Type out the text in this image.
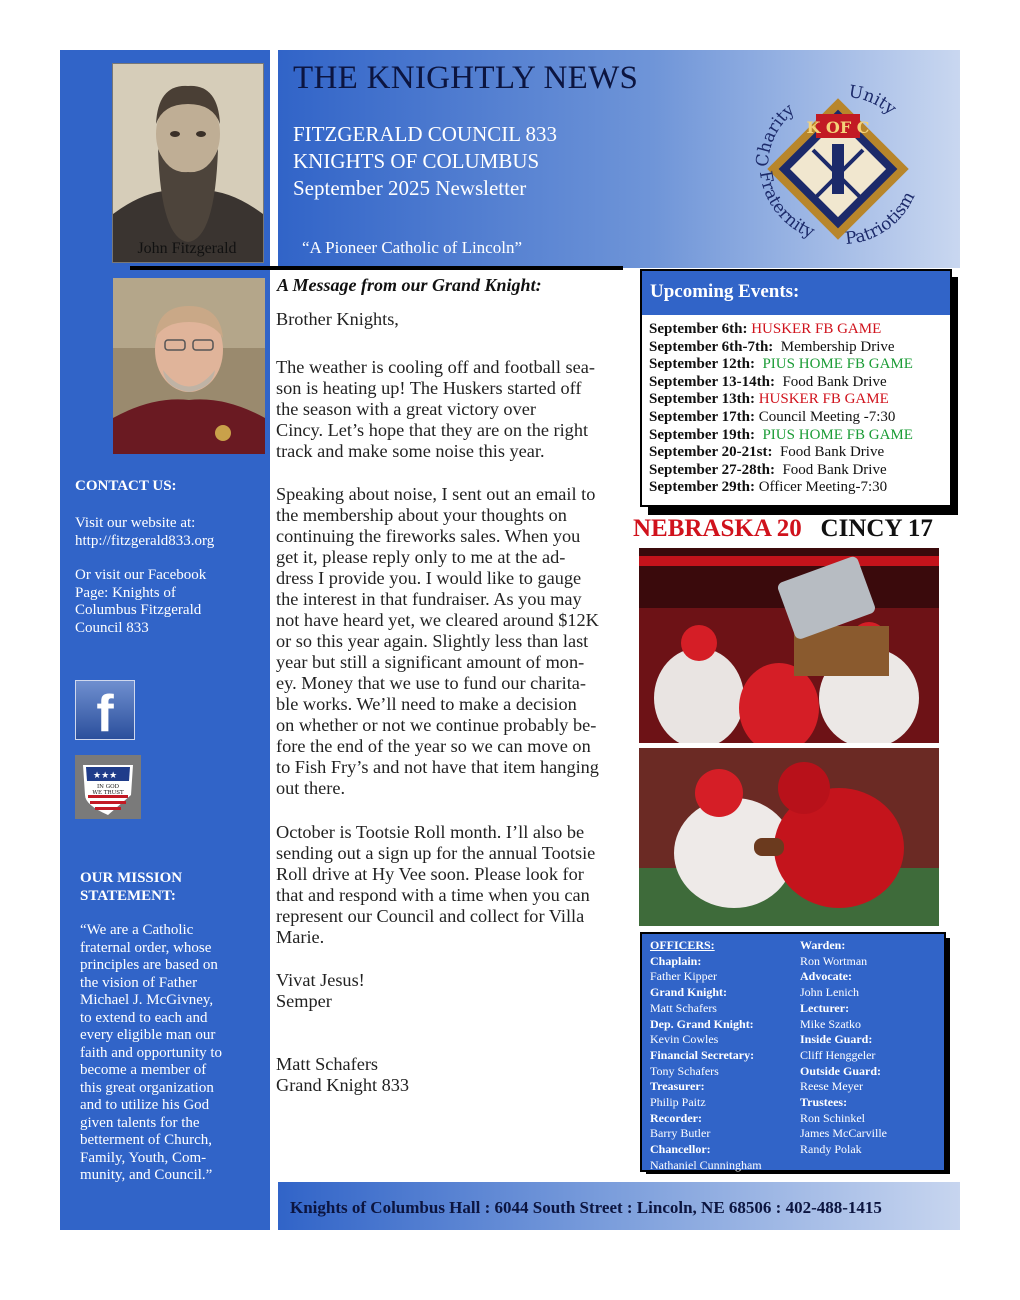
John Fitzgerald
CONTACT US:
Visit our website at:
http://fitzgerald833.org
Or visit our Facebook
Page: Knights of
Columbus Fitzgerald
Council 833
f
★★★
IN GOD
WE TRUST
OUR MISSION
STATEMENT:
“We are a Catholic
fraternal order, whose
principles are based on
the vision of Father
Michael J. McGivney,
to extend to each and
every eligible man our
faith and opportunity to
become a member of
this great organization
and to utilize his God
given talents for the
betterment of Church,
Family, Youth, Com-
munity, and Council.”
THE KNIGHTLY NEWS
FITZGERALD COUNCIL 833
KNIGHTS OF COLUMBUS
September 2025 Newsletter
“A Pioneer Catholic of Lincoln”
K OF C
Charity
Unity
Fraternity Patriotism
A Message from our Grand Knight:
Brother Knights,
The weather is cooling off and football sea-
son is heating up! The Huskers started off
the season with a great victory over
Cincy. Let’s hope that they are on the right
track and make some noise this year.
Speaking about noise, I sent out an email to
the membership about your thoughts on
continuing the fireworks sales. When you
get it, please reply only to me at the ad-
dress I provide you. I would like to gauge
the interest in that fundraiser. As you may
not have heard yet, we cleared around $12K
or so this year again. Slightly less than last
year but still a significant amount of mon-
ey. Money that we use to fund our charita-
ble works. We’ll need to make a decision
on whether or not we continue probably be-
fore the end of the year so we can move on
to Fish Fry’s and not have that item hanging
out there.
October is Tootsie Roll month. I’ll also be
sending out a sign up for the annual Tootsie
Roll drive at Hy Vee soon. Please look for
that and respond with a time when you can
represent our Council and collect for Villa
Marie.
Vivat Jesus!
Semper
Matt Schafers
Grand Knight 833
Upcoming Events:
September 6th: HUSKER FB GAME
September 6th-7th:  Membership Drive
September 12th:  PIUS HOME FB GAME
September 13-14th:  Food Bank Drive
September 13th: HUSKER FB GAME
September 17th: Council Meeting -7:30
September 19th:  PIUS HOME FB GAME
September 20-21st:  Food Bank Drive
September 27-28th:  Food Bank Drive
September 29th: Officer Meeting-7:30
NEBRASKA 20 CINCY 17
OFFICERS:
Chaplain:
Father Kipper
Grand Knight:
Matt Schafers
Dep. Grand Knight:
Kevin Cowles
Financial Secretary:
Tony Schafers
Treasurer:
Philip Paitz
Recorder:
Barry Butler
Chancellor:
Nathaniel Cunningham
Warden:
Ron Wortman
Advocate:
John Lenich
Lecturer:
Mike Szatko
Inside Guard:
Cliff Henggeler
Outside Guard:
Reese Meyer
Trustees:
Ron Schinkel
James McCarville
Randy Polak
Knights of Columbus Hall : 6044 South Street : Lincoln, NE 68506 : 402-488-1415
